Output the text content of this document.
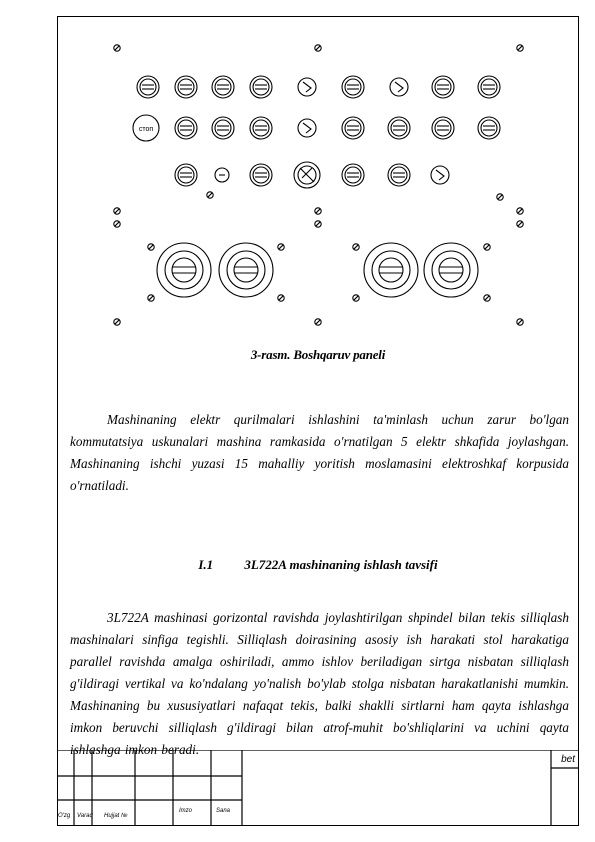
стоп
3-rasm. Boshqaruv paneli
Mashinaning elektr qurilmalari ishlashini ta'minlash uchun zarur bo'lgan kommutatsiya uskunalari mashina ramkasida o'rnatilgan 5 elektr shkafida joylashgan. Mashinaning ishchi yuzasi 15 mahalliy yoritish moslamasini elektroshkaf korpusida o'rnatiladi.
I.1 3L722A mashinaning ishlash tavsifi
3L722A mashinasi gorizontal ravishda joylashtirilgan shpindel bilan tekis silliqlash mashinalari sinfiga tegishli. Silliqlash doirasining asosiy ish harakati stol harakatiga parallel ravishda amalga oshiriladi, ammo ishlov beriladigan sirtga nisbatan silliqlash g'ildiragi vertikal va ko'ndalang yo'nalish bo'ylab stolga nisbatan harakatlanishi mumkin. Mashinaning bu xususiyatlari nafaqat tekis, balki shaklli sirtlarni ham qayta ishlashga imkon beruvchi silliqlash g'ildiragi bilan atrof-muhit bo'shliqlarini va uchini qayta ishlashga imkon beradi.
O'zg Varaq Hujjat №
Imzo	Sana
bet
